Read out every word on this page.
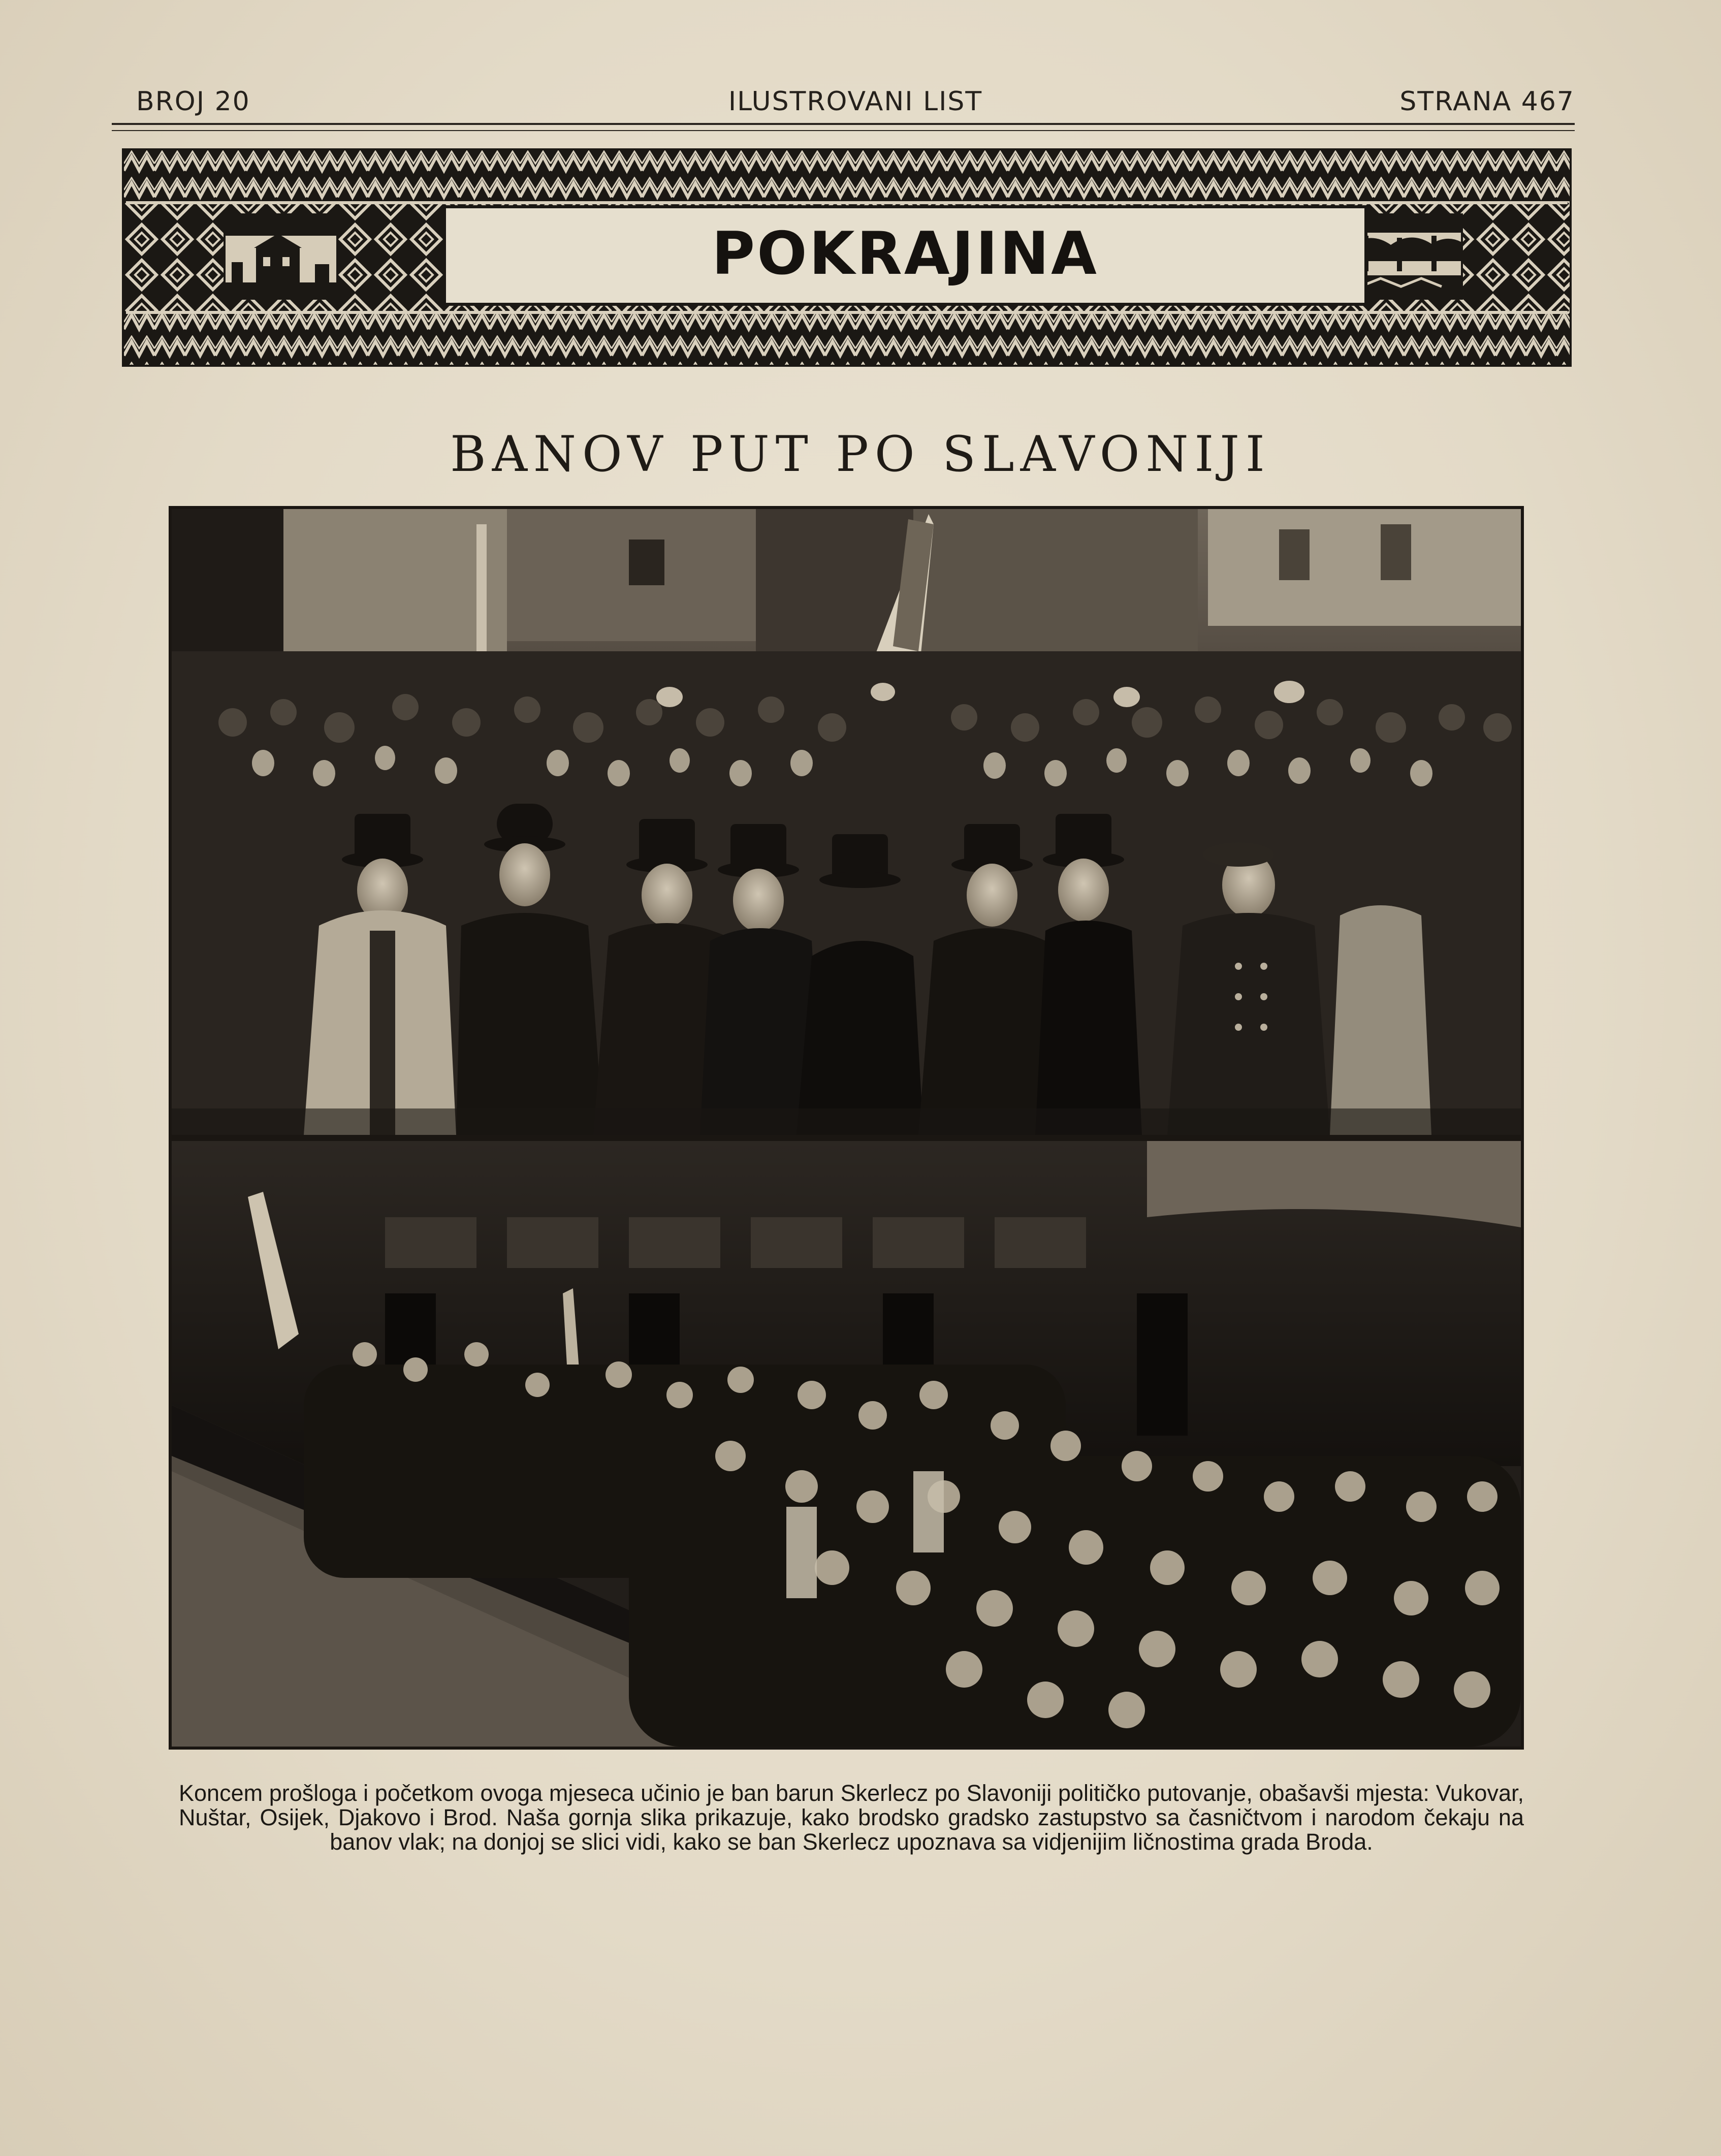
BROJ 20	ILUSTROVANI LIST	STRANA 467
POKRAJINA
BANOV PUT PO SLAVONIJI
Koncem prošloga i početkom ovoga mjeseca učinio je ban barun Skerlecz po Slavoniji političko putovanje, obašavši mjesta: Vukovar, Nuštar, Osijek, Djakovo i Brod. Naša gornja slika prikazuje, kako brodsko gradsko zastupstvo sa časničtvom i narodom čekaju na banov vlak; na donjoj se slici vidi, kako se ban Skerlecz upoznava sa vidjenijim ličnostima grada Broda.
